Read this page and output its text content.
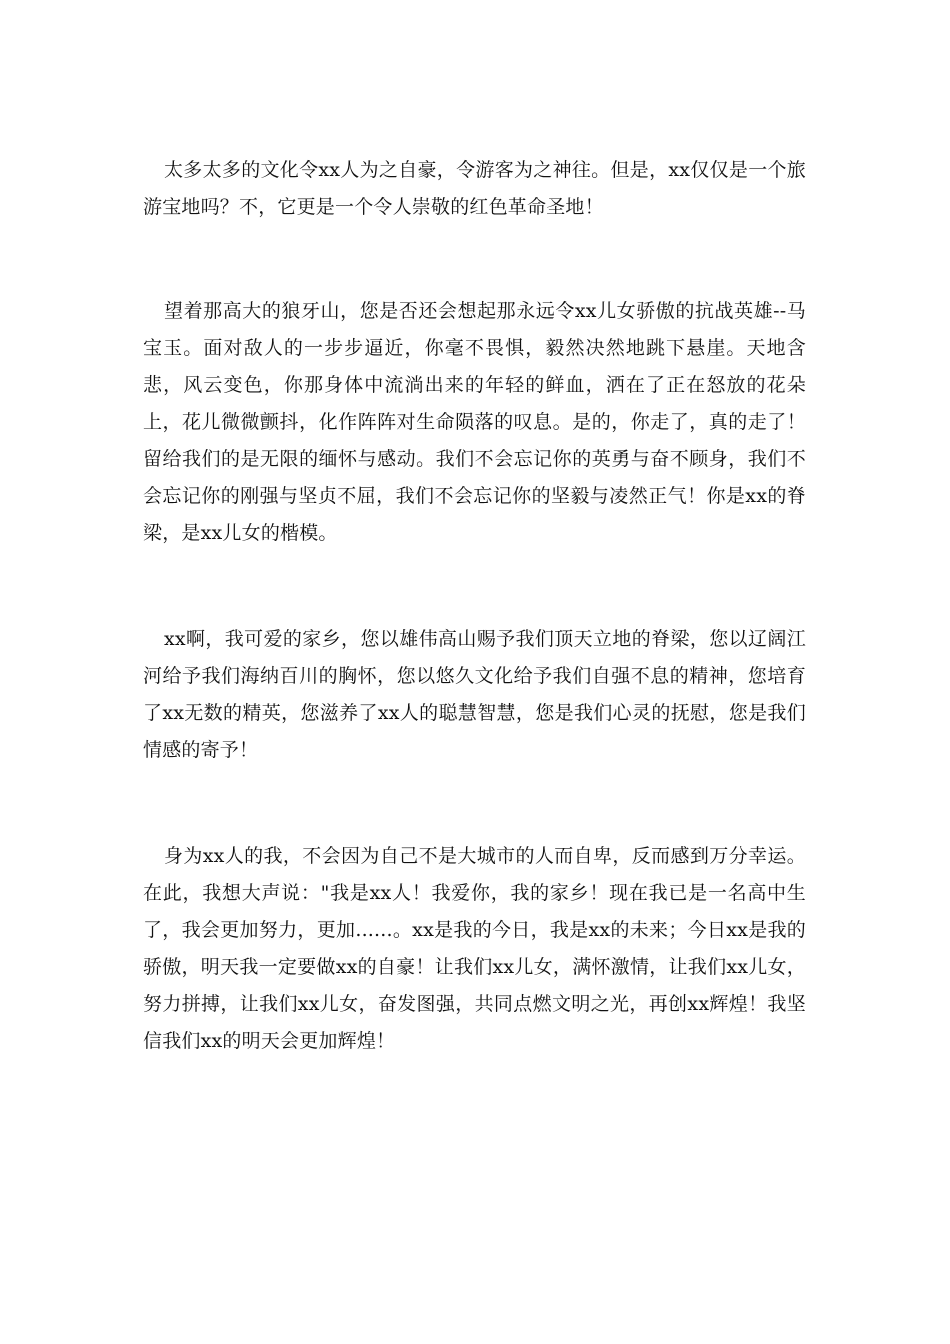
太多太多的文化令xx人为之自豪，令游客为之神往。但是，xx仅仅是一个旅游宝地吗？不，它更是一个令人崇敬的红色革命圣地！

望着那高大的狼牙山，您是否还会想起那永远令xx儿女骄傲的抗战英雄--马宝玉。面对敌人的一步步逼近，你毫不畏惧，毅然决然地跳下悬崖。天地含悲，风云变色，你那身体中流淌出来的年轻的鲜血，洒在了正在怒放的花朵上，花儿微微颤抖，化作阵阵对生命陨落的叹息。是的，你走了，真的走了！留给我们的是无限的缅怀与感动。我们不会忘记你的英勇与奋不顾身，我们不会忘记你的刚强与坚贞不屈，我们不会忘记你的坚毅与凌然正气！你是xx的脊梁，是xx儿女的楷模。

xx啊，我可爱的家乡，您以雄伟高山赐予我们顶天立地的脊梁，您以辽阔江河给予我们海纳百川的胸怀，您以悠久文化给予我们自强不息的精神，您培育了xx无数的精英，您滋养了xx人的聪慧智慧，您是我们心灵的抚慰，您是我们情感的寄予！

身为xx人的我，不会因为自己不是大城市的人而自卑，反而感到万分幸运。在此，我想大声说："我是xx人！我爱你，我的家乡！现在我已是一名高中生了，我会更加努力，更加......。xx是我的今日，我是xx的未来；今日xx是我的骄傲，明天我一定要做xx的自豪！让我们xx儿女，满怀激情，让我们xx儿女，努力拼搏，让我们xx儿女，奋发图强，共同点燃文明之光，再创xx辉煌！我坚信我们xx的明天会更加辉煌！
